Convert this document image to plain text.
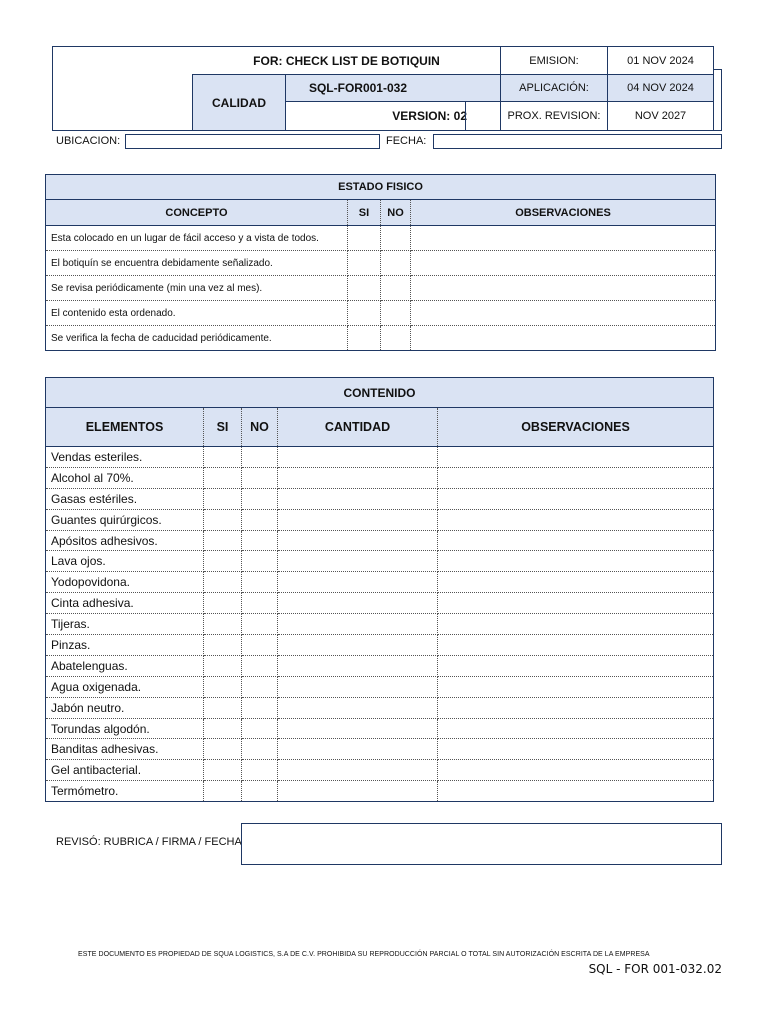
FOR: CHECK LIST DE BOTIQUIN	EMISION:	01 NOV 2024
CALIDAD
SQL-FOR001-032	APLICACIÓN:	04 NOV 2024
VERSION: 02	PROX. REVISION:	NOV 2027
UBICACION:	FECHA:
ESTADO FISICO			
CONCEPTO	SI	NO	OBSERVACIONES
Esta colocado en un lugar de fácil acceso y a vista de todos.			
El botiquín se encuentra debidamente señalizado.			
Se revisa periódicamente (min una vez al mes).			
El contenido esta ordenado.			
Se verifica la fecha de caducidad periódicamente.			
CONTENIDO				
ELEMENTOS	SI	NO	CANTIDAD	OBSERVACIONES
Vendas esteriles.				
Alcohol al 70%.				
Gasas estériles.				
Guantes quirúrgicos.				
Apósitos adhesivos.				
Lava ojos.				
Yodopovidona.				
Cinta adhesiva.				
Tijeras.				
Pinzas.				
Abatelenguas.				
Agua oxigenada.				
Jabón neutro.				
Torundas algodón.				
Banditas adhesivas.				
Gel antibacterial.				
Termómetro.				
REVISÓ: RUBRICA / FIRMA / FECHA
ESTE DOCUMENTO ES PROPIEDAD DE SQUA LOGISTICS, S.A DE C.V. PROHIBIDA SU REPRODUCCIÓN PARCIAL O TOTAL SIN AUTORIZACIÓN ESCRITA DE LA EMPRESA
SQL - FOR 001-032.02
